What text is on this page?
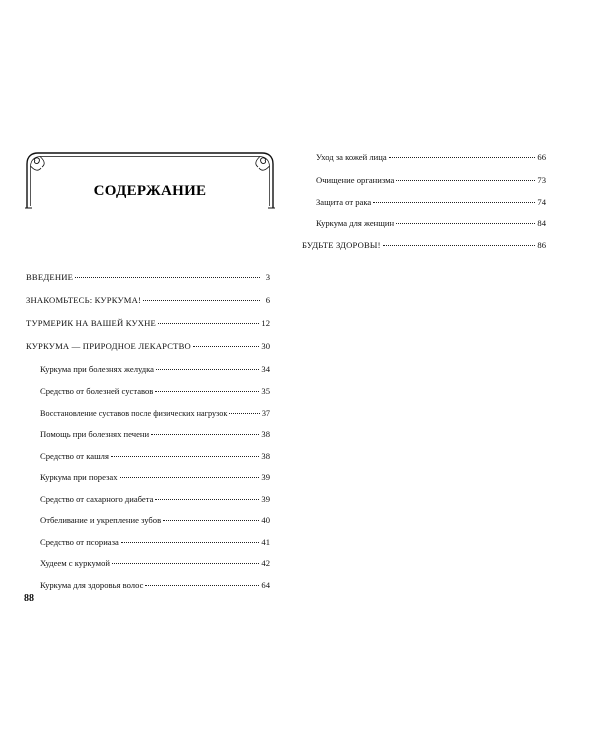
СОДЕРЖАНИЕ
ВВЕДЕНИЕ	3
ЗНАКОМЬТЕСЬ: КУРКУМА!	6
ТУРМЕРИК НА ВАШЕЙ КУХНЕ	12
КУРКУМА — ПРИРОДНОЕ ЛЕКАРСТВО	30
Куркума при болезнях желудка	34
Средство от болезней суставов	35
Восстановление суставов после физических нагрузок	37
Помощь при болезнях печени	38
Средство от кашля	38
Куркума при порезах	39
Средство от сахарного диабета	39
Отбеливание и укрепление зубов	40
Средство от псориаза	41
Худеем с куркумой	42
Куркума для здоровья волос	64
88
Уход за кожей лица	66
Очищение организма	73
Защита от рака	74
Куркума для женщин	84
БУДЬТЕ ЗДОРОВЫ!	86
